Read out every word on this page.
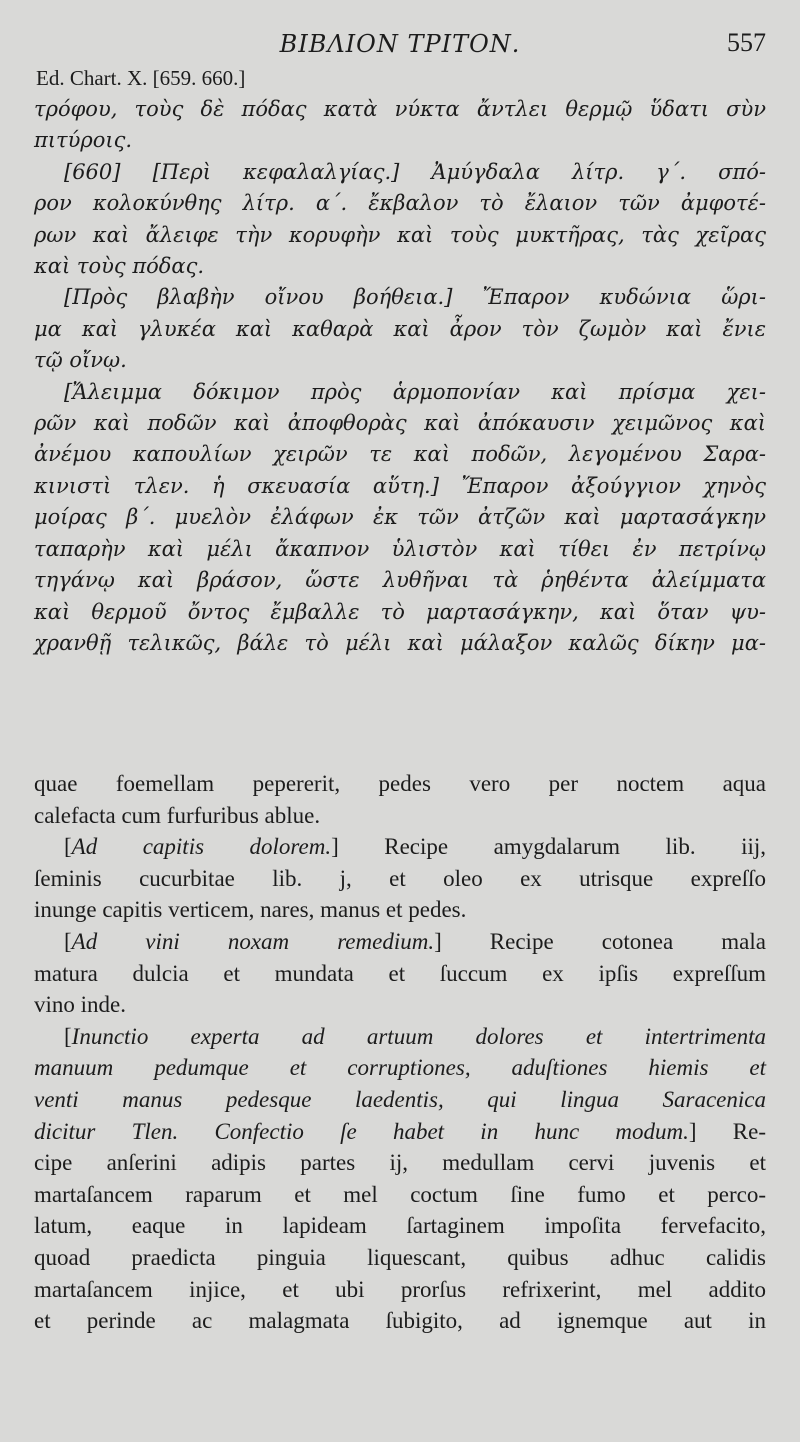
ΒΙΒΛΙΟΝ ΤΡΙΤΟΝ.	557
Ed. Chart. X. [659. 660.]
τρόφου, τοὺς δὲ πόδας κατὰ νύκτα ἄντλει θερμῷ ὕδατι σὺν
πιτύροις.
[660] [Περὶ κεφαλαλγίας.] Ἀμύγδαλα λίτρ. γ΄. σπό-
ρον κολοκύνθης λίτρ. α΄. ἔκβαλον τὸ ἔλαιον τῶν ἀμφοτέ-
ρων καὶ ἄλειφε τὴν κορυφὴν καὶ τοὺς μυκτῆρας, τὰς χεῖρας
καὶ τοὺς πόδας.
[Πρὸς βλαβὴν οἴνου βοήθεια.] Ἔπαρον κυδώνια ὥρι-
μα καὶ γλυκέα καὶ καθαρὰ καὶ ἆρον τὸν ζωμὸν καὶ ἔνιε
τῷ οἴνῳ.
[Ἄλειμμα δόκιμον πρὸς ἁρμοπονίαν καὶ πρίσμα χει-
ρῶν καὶ ποδῶν καὶ ἀποφθορὰς καὶ ἀπόκαυσιν χειμῶνος καὶ
ἀνέμου καπουλίων χειρῶν τε καὶ ποδῶν, λεγομένου Σαρα-
κινιστὶ τλεν. ἡ σκευασία αὕτη.] Ἔπαρον ἀξούγγιον χηνὸς
μοίρας β΄. μυελὸν ἐλάφων ἐκ τῶν ἀτζῶν καὶ μαρτασάγκην
ταπαρὴν καὶ μέλι ἄκαπνον ὑλιστὸν καὶ τίθει ἐν πετρίνῳ
τηγάνῳ καὶ βράσον, ὥστε λυθῆναι τὰ ῥηθέντα ἀλείμματα
καὶ θερμοῦ ὄντος ἔμβαλλε τὸ μαρτασάγκην, καὶ ὅταν ψυ-
χρανθῇ τελικῶς, βάλε τὸ μέλι καὶ μάλαξον καλῶς δίκην μα-
quae foemellam pepererit, pedes vero per noctem aqua
calefacta cum furfuribus ablue.
[Ad capitis dolorem.] Recipe amygdalarum lib. iij,
ſeminis cucurbitae lib. j, et oleo ex utrisque expreſſo
inunge capitis verticem, nares, manus et pedes.
[Ad vini noxam remedium.] Recipe cotonea mala
matura dulcia et mundata et ſuccum ex ipſis expreſſum
vino inde.
[Inunctio experta ad artuum dolores et intertrimenta
manuum pedumque et corruptiones, aduſtiones hiemis et
venti manus pedesque laedentis, qui lingua Saracenica
dicitur Tlen. Confectio ſe habet in hunc modum.] Re-
cipe anſerini adipis partes ij, medullam cervi juvenis et
martaſancem raparum et mel coctum ſine fumo et perco-
latum, eaque in lapideam ſartaginem impoſita fervefacito,
quoad praedicta pinguia liquescant, quibus adhuc calidis
martaſancem injice, et ubi prorſus refrixerint, mel addito
et perinde ac malagmata ſubigito, ad ignemque aut in
